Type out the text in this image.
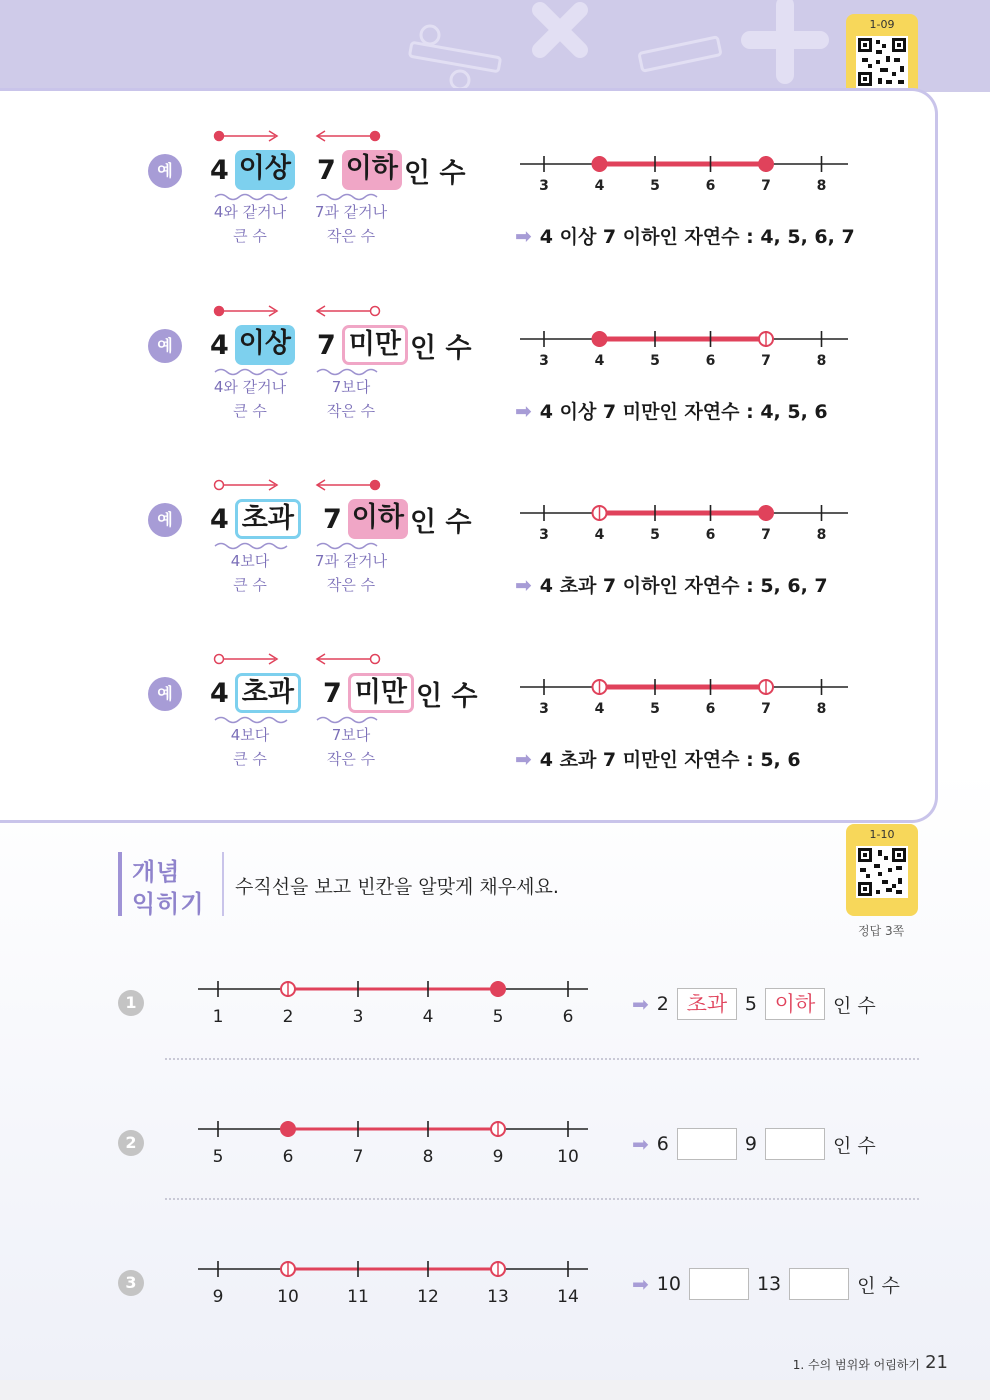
1-09
예	4 이상 7 이하 인 수
4와 같거나
큰 수
7과 같거나
작은 수
3	4	5	6	7	8
➡ 4 이상 7 이하인 자연수 : 4, 5, 6, 7
예	4 이상 7 미만 인 수
4와 같거나
큰 수
7보다
작은 수
3	4	5	6	7	8
➡ 4 이상 7 미만인 자연수 : 4, 5, 6
예	4 초과 7 이하 인 수
4보다
큰 수
7과 같거나
작은 수
3	4	5	6	7	8
➡ 4 초과 7 이하인 자연수 : 5, 6, 7
예	4 초과 7 미만 인 수
4보다
큰 수
7보다
작은 수
3	4	5	6	7	8
➡ 4 초과 7 미만인 자연수 : 5, 6
개념
익히기
수직선을 보고 빈칸을 알맞게 채우세요.
정답 3쪽
1
1	2	3	4	5	6
➡ 2 초과 5 이하 인 수
2
5	6	7	8	9	10
➡ 6	9	인 수
3
9	10	11	12	13	14
➡ 10	13	인 수
1-10
1. 수의 범위와 어림하기 21
